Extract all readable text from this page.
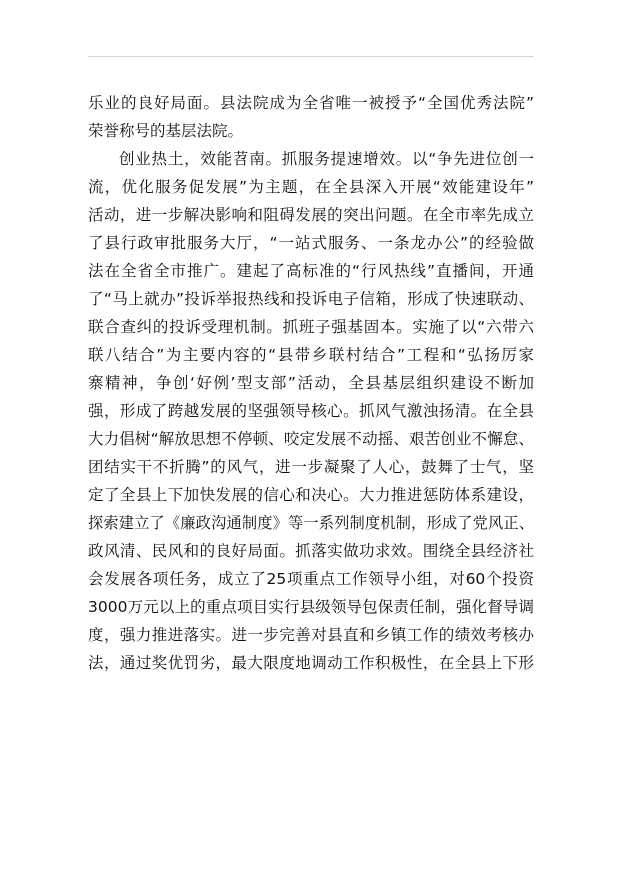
乐业的良好局面。县法院成为全省唯一被授予“全国优秀法院”
荣誉称号的基层法院。
创业热土，效能苕南。抓服务提速增效。以“争先进位创一
流，优化服务促发展”为主题，在全县深入开展“效能建设年”
活动，进一步解决影响和阻碍发展的突出问题。在全市率先成立
了县行政审批服务大厅，“一站式服务、一条龙办公”的经验做
法在全省全市推广。建起了高标准的“行风热线”直播间，开通
了“马上就办”投诉举报热线和投诉电子信箱，形成了快速联动、
联合查纠的投诉受理机制。抓班子强基固本。实施了以“六带六
联八结合”为主要内容的“县带乡联村结合”工程和“弘扬厉家
寨精神，争创‘好例’型支部”活动，全县基层组织建设不断加
强，形成了跨越发展的坚强领导核心。抓风气激浊扬清。在全县
大力倡树“解放思想不停顿、咬定发展不动摇、艰苦创业不懈怠、
团结实干不折腾”的风气，进一步凝聚了人心，鼓舞了士气，坚
定了全县上下加快发展的信心和决心。大力推进惩防体系建设，
探索建立了《廉政沟通制度》等一系列制度机制，形成了党风正、
政风清、民风和的良好局面。抓落实做功求效。围绕全县经济社
会发展各项任务，成立了25项重点工作领导小组，对60个投资
3000万元以上的重点项目实行县级领导包保责任制，强化督导调
度，强力推进落实。进一步完善对县直和乡镇工作的绩效考核办
法，通过奖优罚劣，最大限度地调动工作积极性，在全县上下形
